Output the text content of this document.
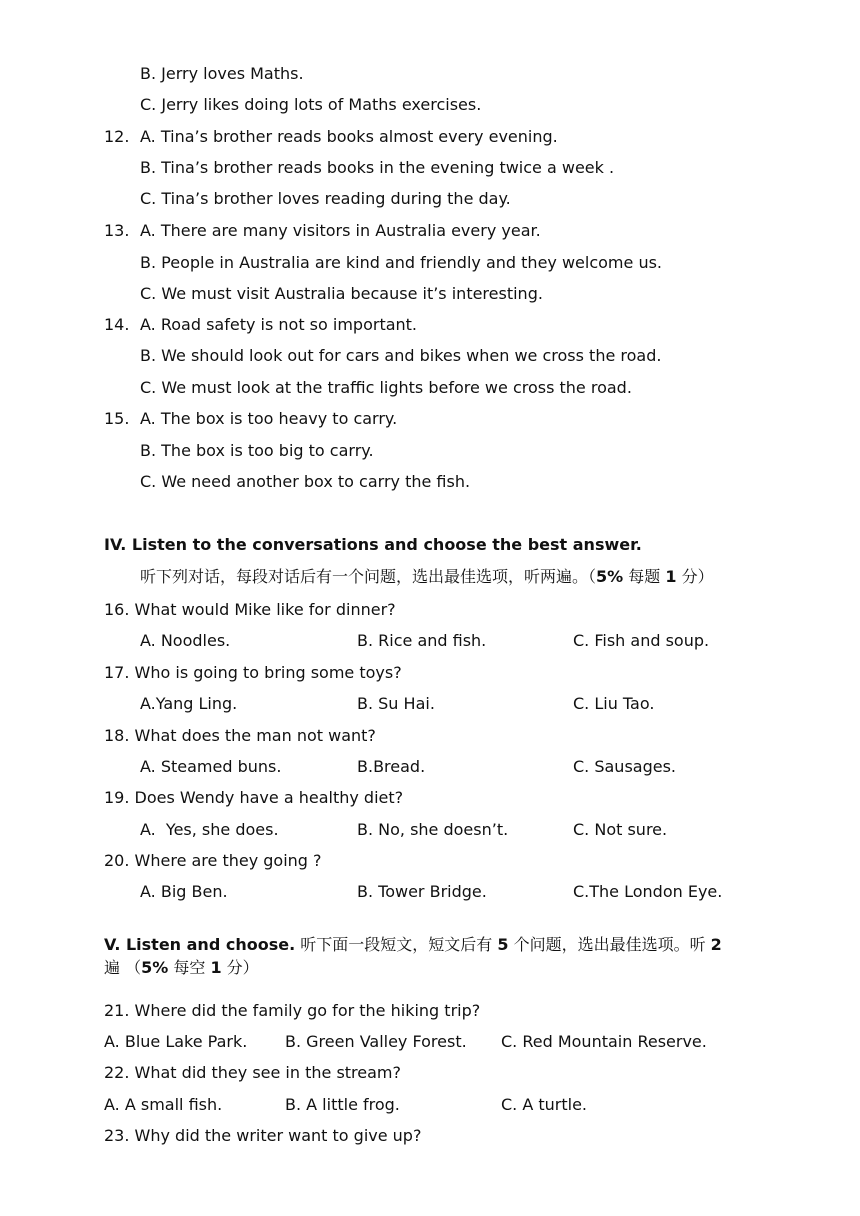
B. Jerry loves Maths.
C. Jerry likes doing lots of Maths exercises.
12. A. Tina’s brother reads books almost every evening.
B. Tina’s brother reads books in the evening twice a week .
C. Tina’s brother loves reading during the day.
13. A. There are many visitors in Australia every year.
B. People in Australia are kind and friendly and they welcome us.
C. We must visit Australia because it’s interesting.
14. A. Road safety is not so important.
B. We should look out for cars and bikes when we cross the road.
C. We must look at the traffic lights before we cross the road.
15. A. The box is too heavy to carry.
B. The box is too big to carry.
C. We need another box to carry the fish.
IV. Listen to the conversations and choose the best answer.
听下列对话，每段对话后有一个问题，选出最佳选项，听两遍。（5% 每题 1 分）
16. What would Mike like for dinner?
A. Noodles.	B. Rice and fish.	C. Fish and soup.
17. Who is going to bring some toys?
A.Yang Ling.	B. Su Hai.	C. Liu Tao.
18. What does the man not want?
A. Steamed buns.	B.Bread.	C. Sausages.
19. Does Wendy have a healthy diet?
A.  Yes, she does.	B. No, she doesn’t.	C. Not sure.
20. Where are they going ?
A. Big Ben.	B. Tower Bridge.	C.The London Eye.
V. Listen and choose. 听下面一段短文，短文后有 5 个问题，选出最佳选项。听 2
遍 （5% 每空 1 分）
21. Where did the family go for the hiking trip?
A. Blue Lake Park. B. Green Valley Forest. C. Red Mountain Reserve.
22. What did they see in the stream?
A. A small fish.	B. A little frog.	C. A turtle.
23. Why did the writer want to give up?
